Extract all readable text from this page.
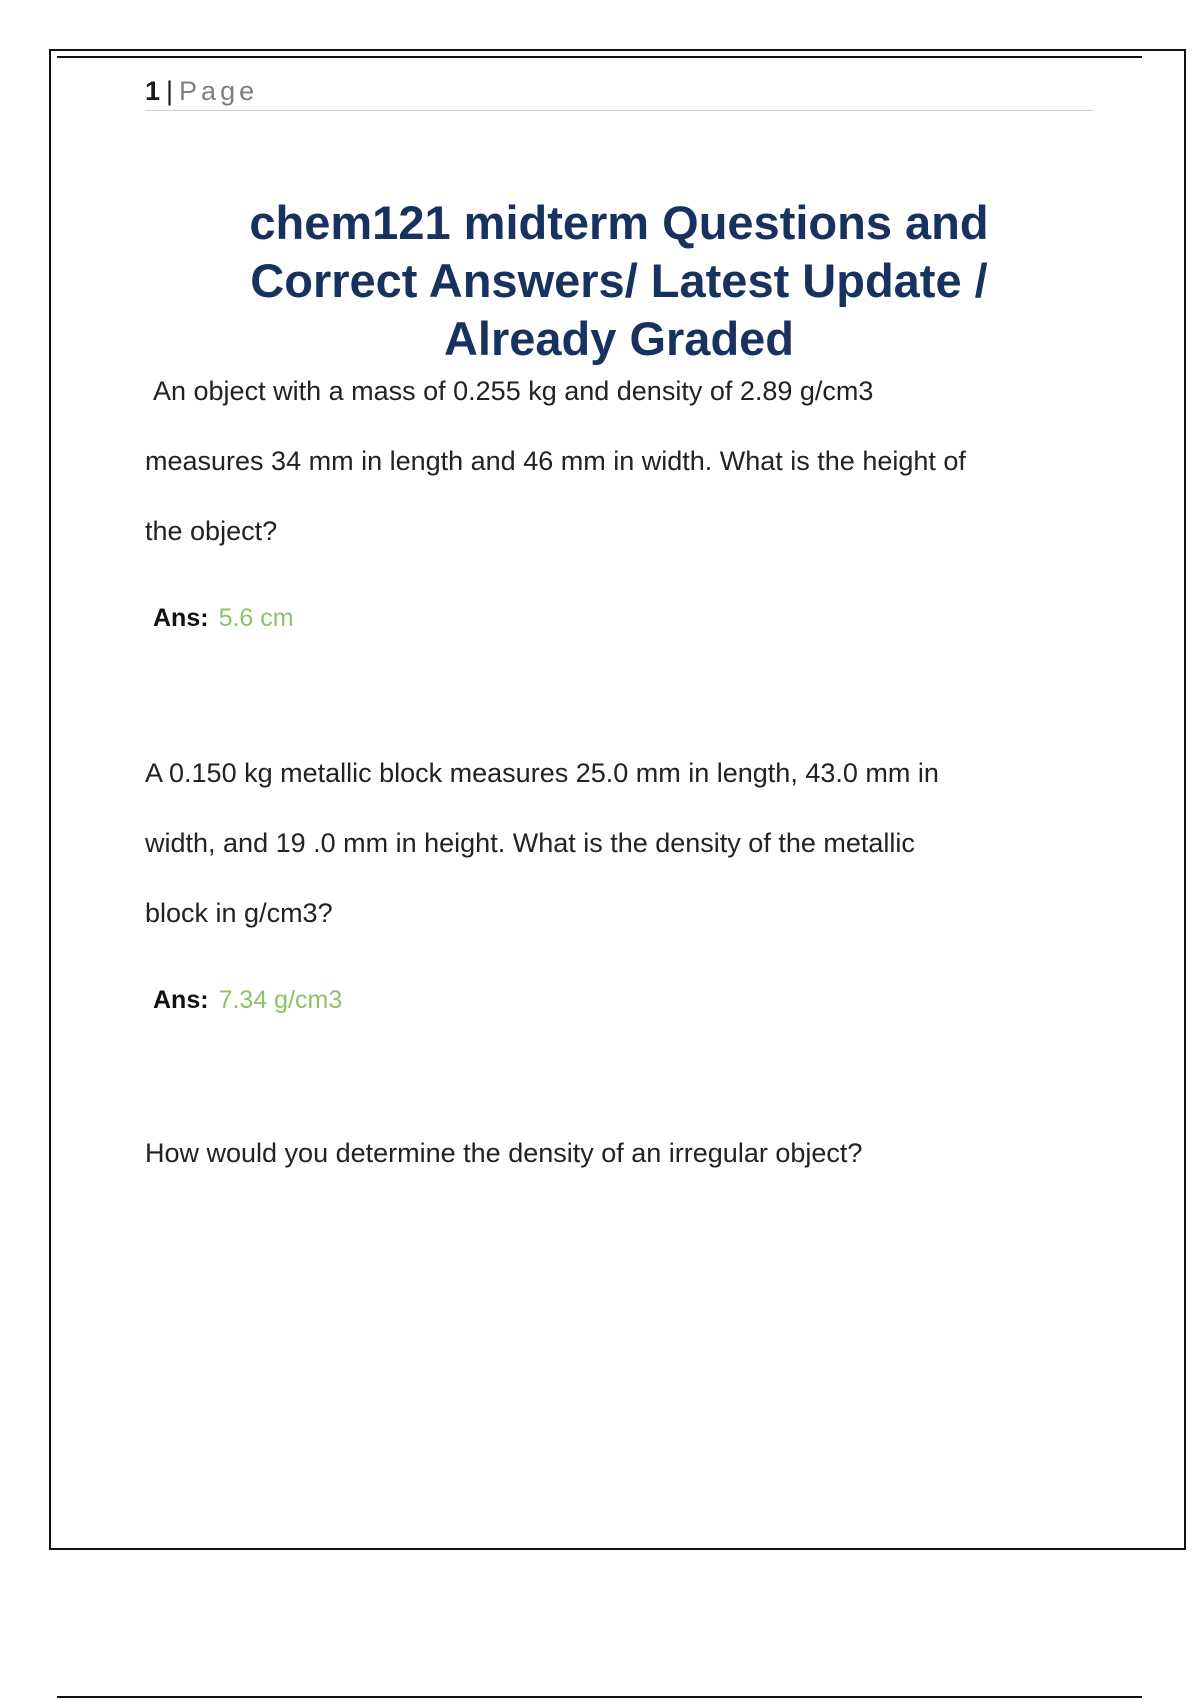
1 | Page
chem121 midterm Questions and
Correct Answers/ Latest Update /
Already Graded

An object with a mass of 0.255 kg and density of 2.89 g/cm3
measures 34 mm in length and 46 mm in width. What is the height of
the object?

Ans: 5.6 cm

A 0.150 kg metallic block measures 25.0 mm in length, 43.0 mm in
width, and 19 .0 mm in height. What is the density of the metallic
block in g/cm3?

Ans: 7.34 g/cm3

How would you determine the density of an irregular object?
